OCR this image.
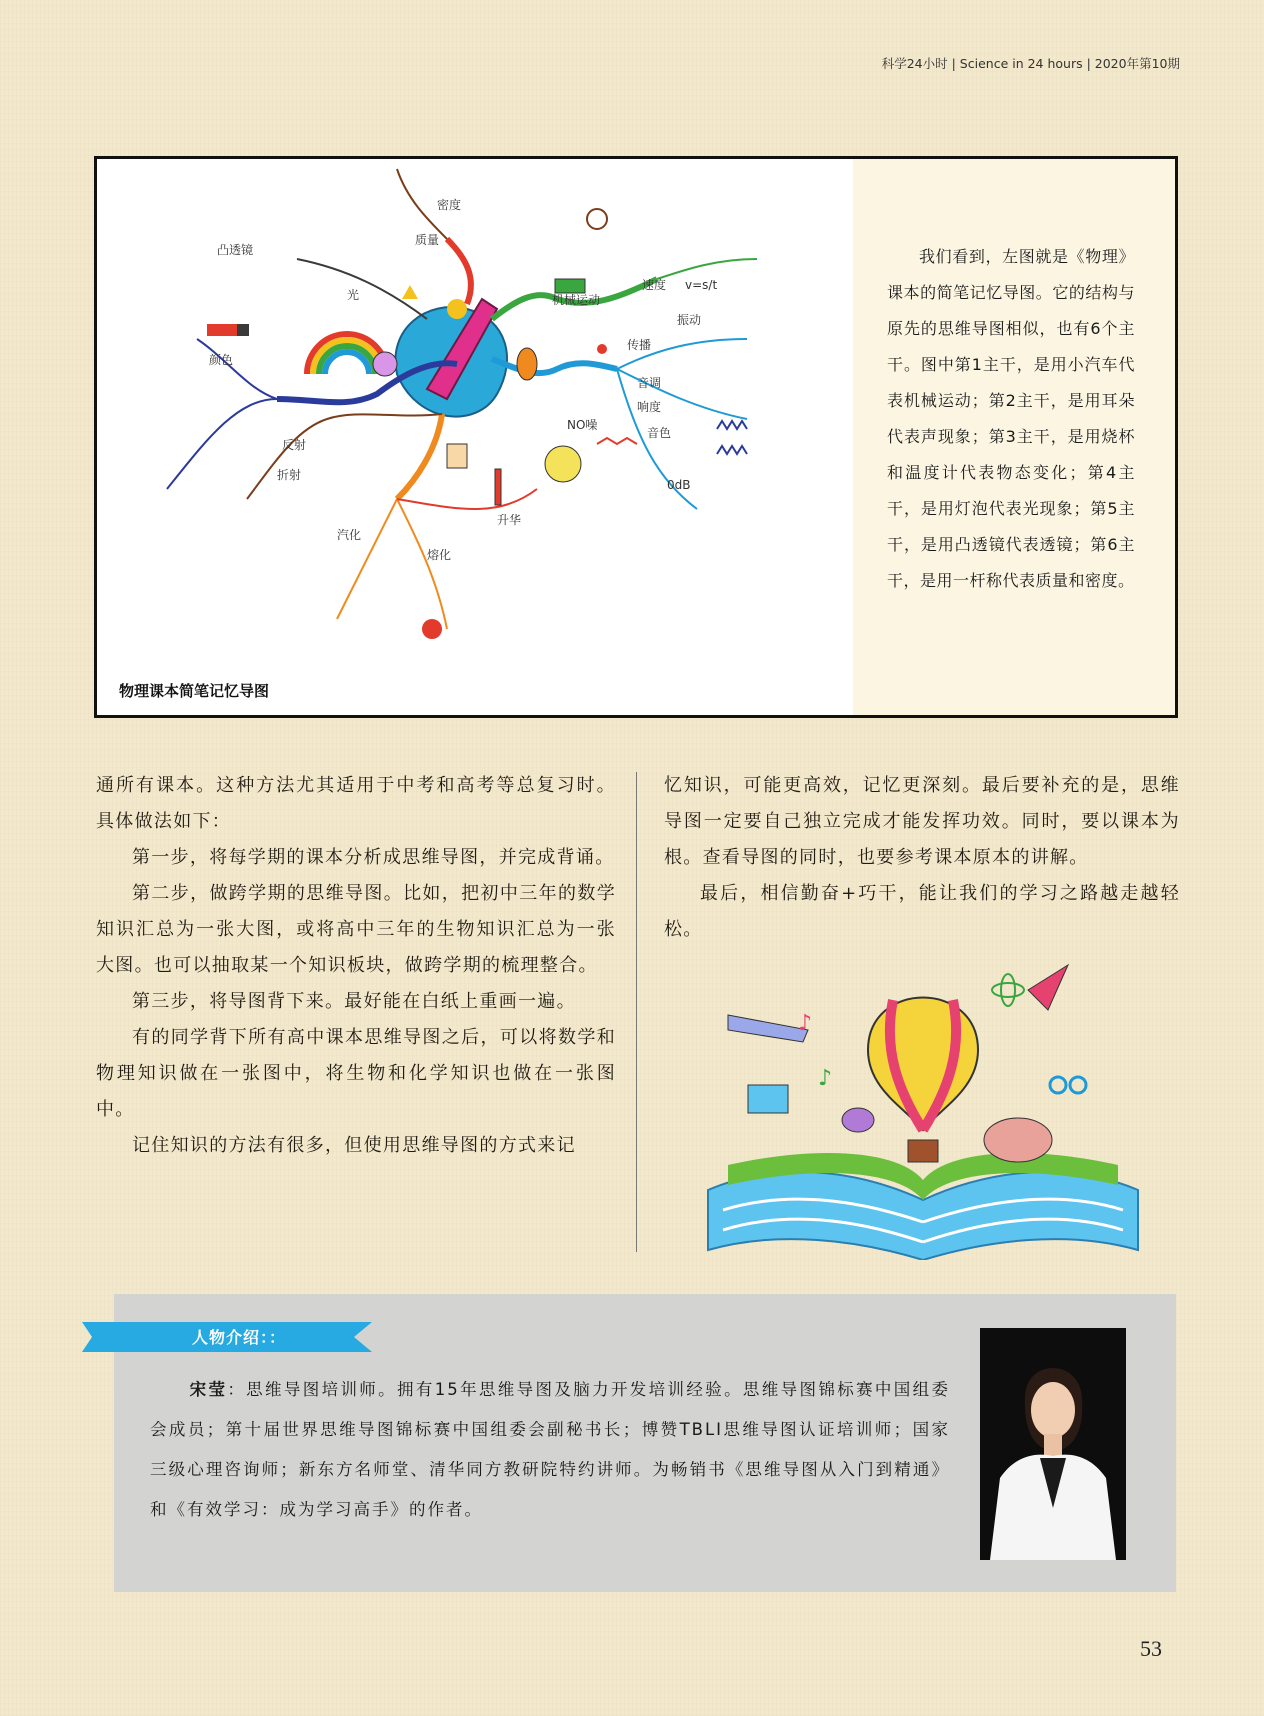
科学24小时 | Science in 24 hours | 2020年第10期
质量
密度
机械运动
速度 v=s/t
振动
传播
音调
响度
音色
NO噪
0dB
反射
折射
颜色
凸透镜
光
汽化
熔化
升华
物理课本简笔记忆导图
我们看到，左图就是《物理》课本的简笔记忆导图。它的结构与原先的思维导图相似，也有6个主干。图中第1主干，是用小汽车代表机械运动；第2主干，是用耳朵代表声现象；第3主干，是用烧杯和温度计代表物态变化；第4主干，是用灯泡代表光现象；第5主干，是用凸透镜代表透镜；第6主干，是用一杆称代表质量和密度。

通所有课本。这种方法尤其适用于中考和高考等总复习时。具体做法如下：

第一步，将每学期的课本分析成思维导图，并完成背诵。

第二步，做跨学期的思维导图。比如，把初中三年的数学知识汇总为一张大图，或将高中三年的生物知识汇总为一张大图。也可以抽取某一个知识板块，做跨学期的梳理整合。

第三步，将导图背下来。最好能在白纸上重画一遍。

有的同学背下所有高中课本思维导图之后，可以将数学和物理知识做在一张图中，将生物和化学知识也做在一张图中。

记住知识的方法有很多，但使用思维导图的方式来记

忆知识，可能更高效，记忆更深刻。最后要补充的是，思维导图一定要自己独立完成才能发挥功效。同时，要以课本为根。查看导图的同时，也要参考课本原本的讲解。

最后，相信勤奋+巧干，能让我们的学习之路越走越轻松。

♪
♪
人物介绍：：
宋莹：思维导图培训师。拥有15年思维导图及脑力开发培训经验。思维导图锦标赛中国组委会成员；第十届世界思维导图锦标赛中国组委会副秘书长；博赞TBLI思维导图认证培训师；国家三级心理咨询师；新东方名师堂、清华同方教研院特约讲师。为畅销书《思维导图从入门到精通》和《有效学习：成为学习高手》的作者。
53
